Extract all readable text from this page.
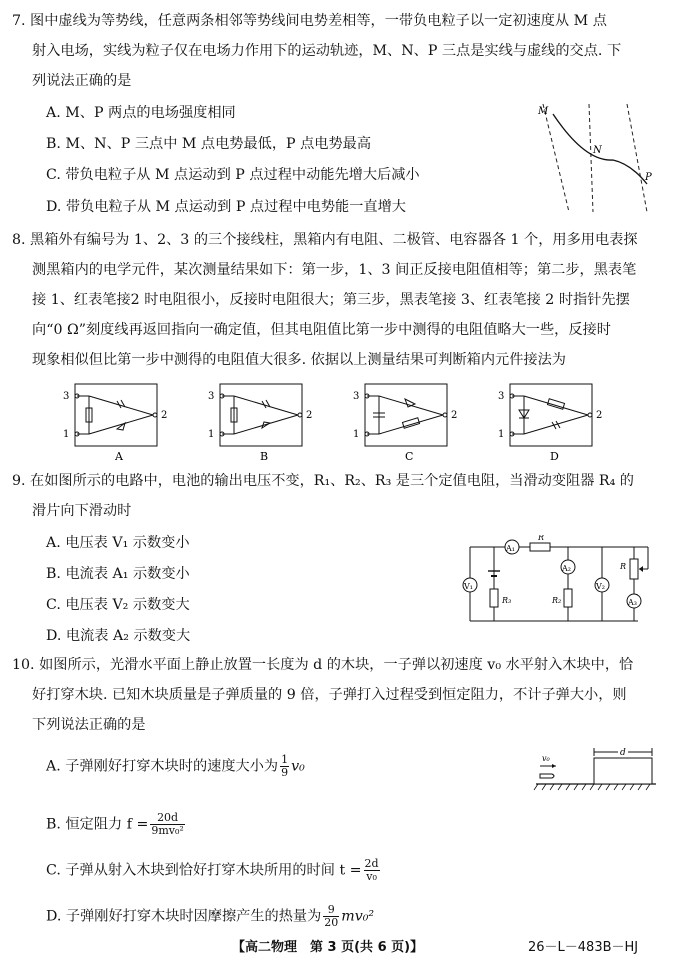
7. 图中虚线为等势线，任意两条相邻等势线间电势差相等，一带负电粒子以一定初速度从 M 点
射入电场，实线为粒子仅在电场力作用下的运动轨迹，M、N、P 三点是实线与虚线的交点. 下
列说法正确的是
A. M、P 两点的电场强度相同
B. M、N、P 三点中 M 点电势最低，P 点电势最高
C. 带负电粒子从 M 点运动到 P 点过程中动能先增大后减小
D. 带负电粒子从 M 点运动到 P 点过程中电势能一直增大
M
N
P
8. 黑箱外有编号为 1、2、3 的三个接线柱，黑箱内有电阻、二极管、电容器各 1 个，用多用电表探
测黑箱内的电学元件，某次测量结果如下：第一步，1、3 间正反接电阻值相等；第二步，黑表笔
接 1、红表笔接2 时电阻很小，反接时电阻很大；第三步，黑表笔接 3、红表笔接 2 时指针先摆
向“0 Ω”刻度线再返回指向一确定值，但其电阻值比第一步中测得的电阻值略大一些，反接时
现象相似但比第一步中测得的电阻值大很多. 依据以上测量结果可判断箱内元件接法为
3
1
2
A
3
1
2
B
3
1
2
C
3
1
2
D
9. 在如图所示的电路中，电池的输出电压不变，R₁、R₂、R₃ 是三个定值电阻，当滑动变阻器 R₄ 的
滑片向下滑动时
A. 电压表 V₁ 示数变小
B. 电流表 A₁ 示数变小
C. 电压表 V₂ 示数变大
D. 电流表 A₂ 示数变大
V₁
A₁
R
A₂
R₂
R₃
V₂
R
A₃
10. 如图所示，光滑水平面上静止放置一长度为 d 的木块，一子弹以初速度 v₀ 水平射入木块中，恰
好打穿木块. 已知木块质量是子弹质量的 9 倍，子弹打入过程受到恒定阻力，不计子弹大小，则
下列说法正确的是
A. 子弹刚好打穿木块时的速度大小为 $\frac{1}{9} v_0$
B. 恒定阻力 $f = \frac{20d}{\text{9mv₀²}}$
C. 子弹从射入木块到恰好打穿木块所用的时间 $t = \frac{2d}{\text{v₀}}$
D. 子弹刚好打穿木块时因摩擦产生的热量为 $\frac{9}{20} mv_0^2$
v₀
d
【高二物理　第 3 页(共 6 页)】	26－L－483B－HJ
